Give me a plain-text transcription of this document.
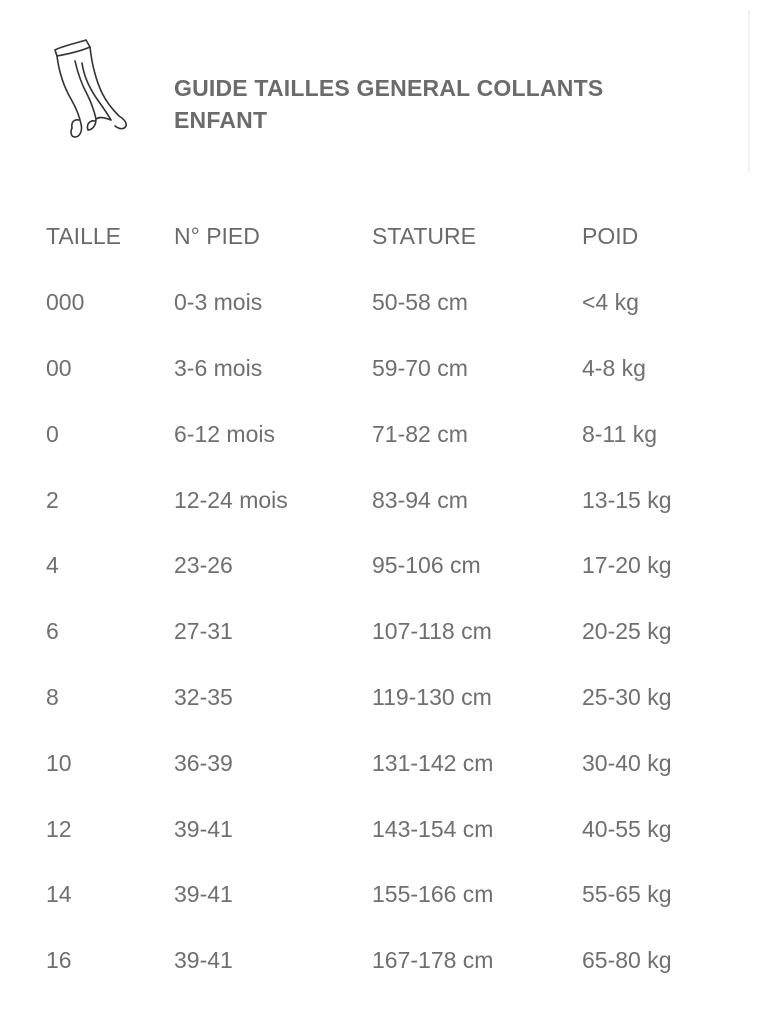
GUIDE TAILLES GENERAL COLLANTS
ENFANT
TAILLE	N° PIED	STATURE	POID
000	0-3 mois	50-58 cm	<4 kg
00	3-6 mois	59-70 cm	4-8 kg
0	6-12 mois	71-82 cm	8-11 kg
2	12-24 mois	83-94 cm	13-15 kg
4	23-26	95-106 cm	17-20 kg
6	27-31	107-118 cm	20-25 kg
8	32-35	119-130 cm	25-30 kg
10	36-39	131-142 cm	30-40 kg
12	39-41	143-154 cm	40-55 kg
14	39-41	155-166 cm	55-65 kg
16	39-41	167-178 cm	65-80 kg
